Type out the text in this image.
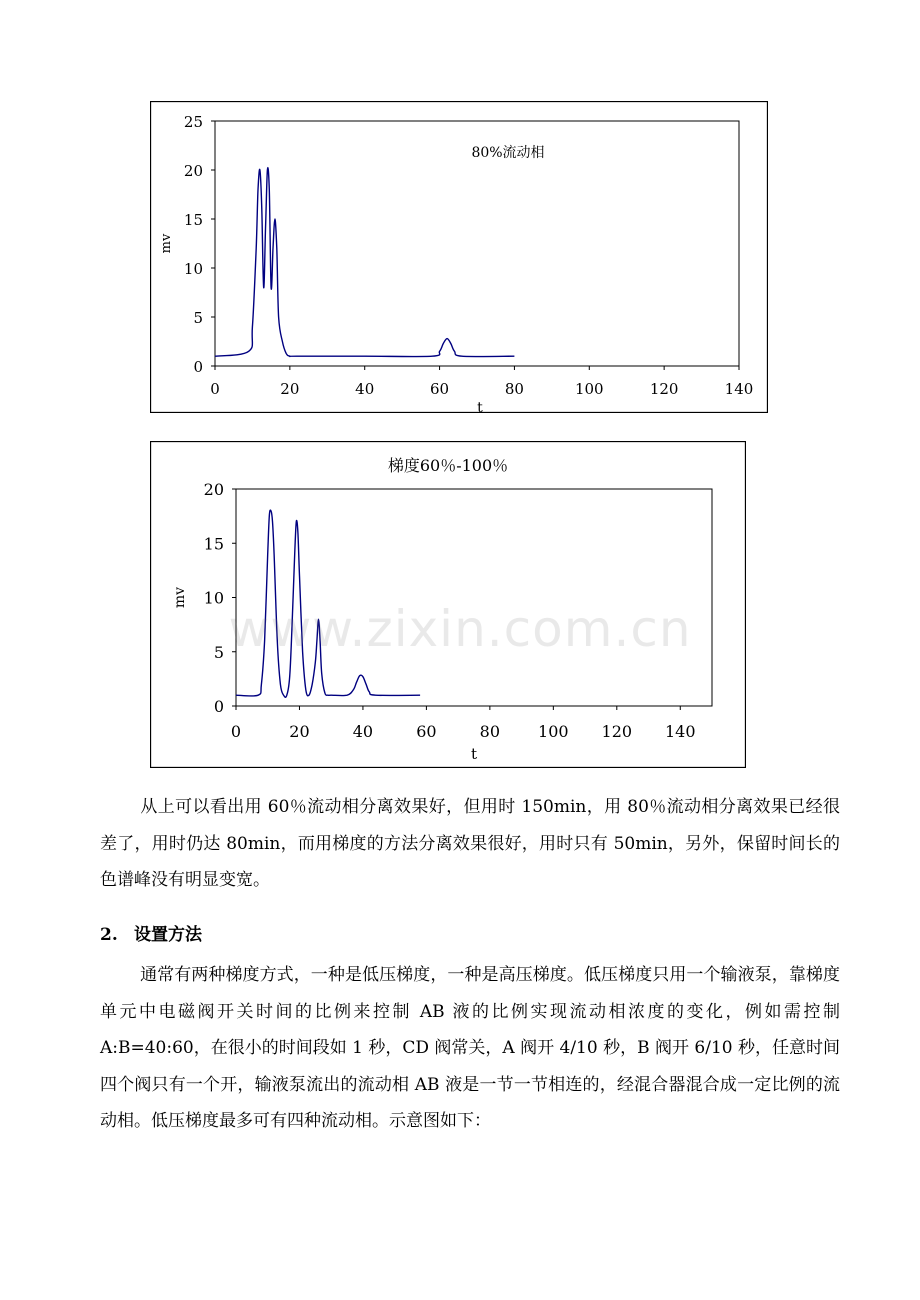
0
5
10
15
20
25
0	20	40	60	80	100	120	140
t
mv
80%流动相
0
5
10
15
20
0	20	40	60	80 100 120 140
t
mv
梯度60％-100％
从上可以看出用 60％流动相分离效果好，但用时 150min，用 80％流动相分离效果已经很差了，用时仍达 80min，而用梯度的方法分离效果很好，用时只有 50min，另外，保留时间长的色谱峰没有明显变宽。
2. 设置方法
通常有两种梯度方式，一种是低压梯度，一种是高压梯度。低压梯度只用一个输液泵，靠梯度单元中电磁阀开关时间的比例来控制 AB 液的比例实现流动相浓度的变化，例如需控制 A:B=40:60，在很小的时间段如 1 秒，CD 阀常关，A 阀开 4/10 秒，B 阀开 6/10 秒，任意时间四个阀只有一个开，输液泵流出的流动相 AB 液是一节一节相连的，经混合器混合成一定比例的流动相。低压梯度最多可有四种流动相。示意图如下：
